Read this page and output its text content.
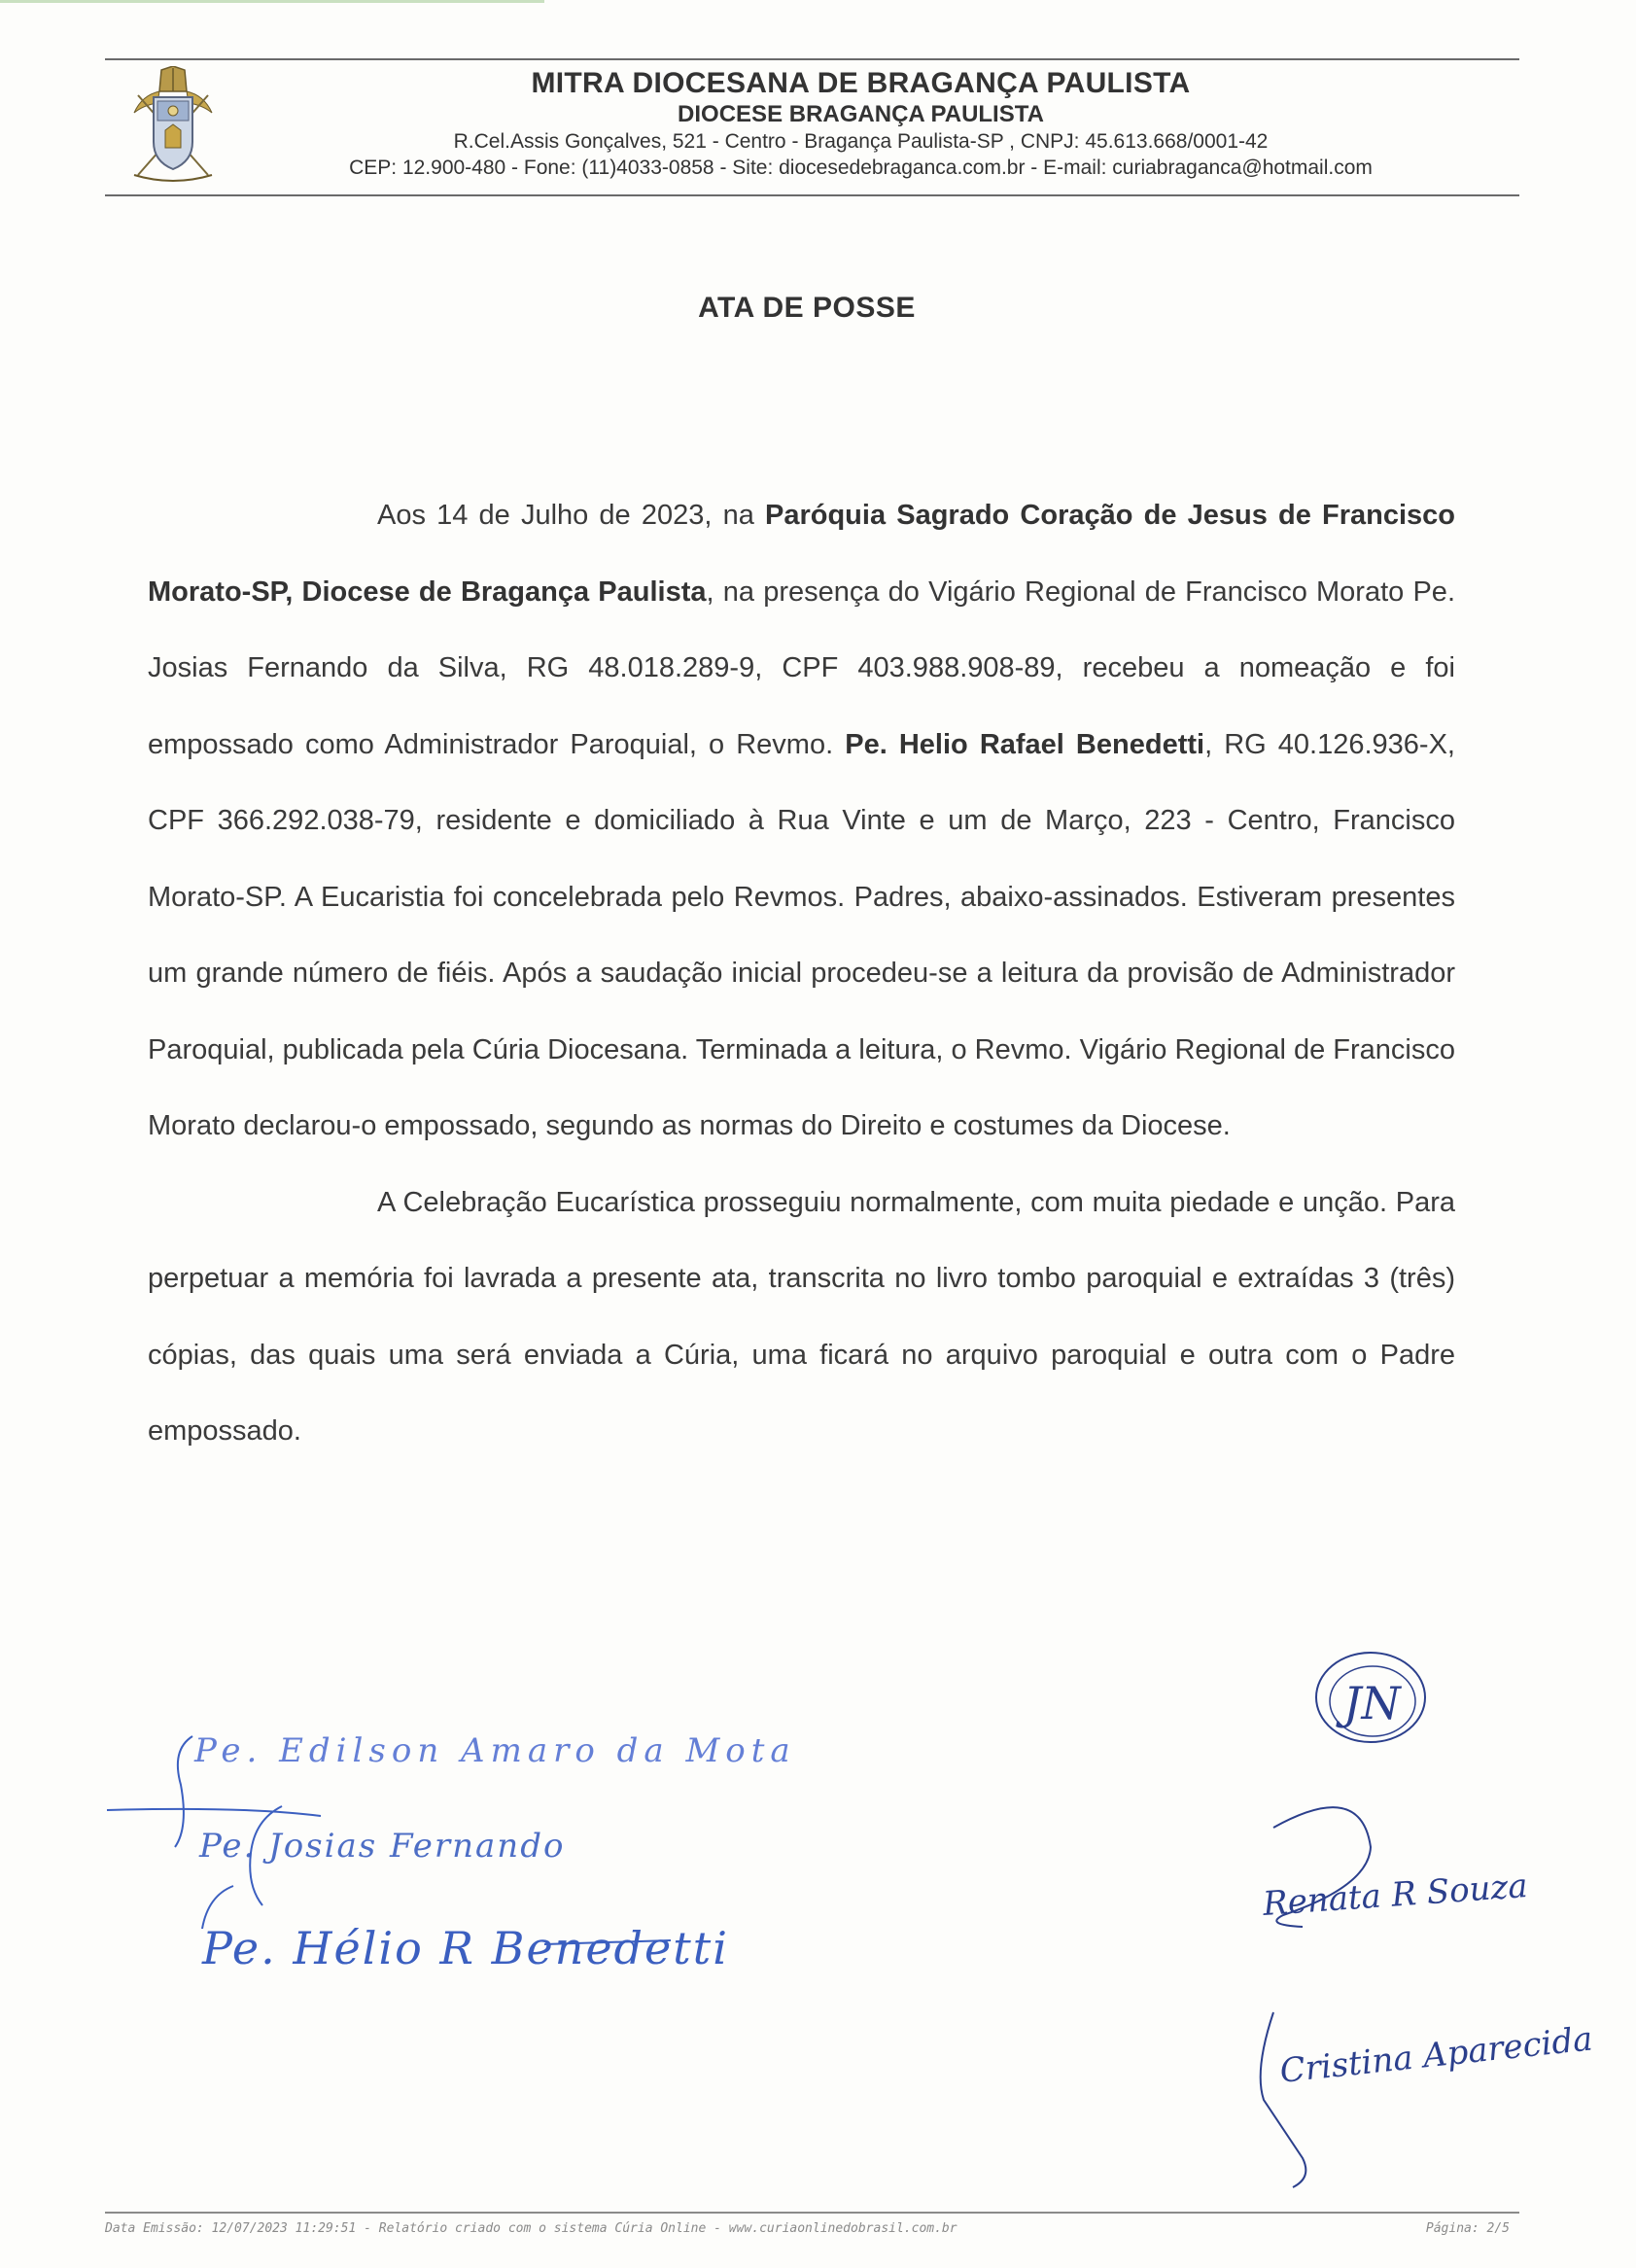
MITRA DIOCESANA DE BRAGANÇA PAULISTA
DIOCESE BRAGANÇA PAULISTA
R.Cel.Assis Gonçalves, 521 - Centro - Bragança Paulista-SP , CNPJ: 45.613.668/0001-42
CEP: 12.900-480 - Fone: (11)4033-0858 - Site: diocesedebraganca.com.br - E-mail: curiabraganca@hotmail.com
ATA DE POSSE

Aos 14 de Julho de 2023, na Paróquia Sagrado Coração de Jesus de Francisco Morato-SP, Diocese de Bragança Paulista, na presença do Vigário Regional de Francisco Morato Pe. Josias Fernando da Silva, RG 48.018.289-9, CPF 403.988.908-89, recebeu a nomeação e foi empossado como Administrador Paroquial, o Revmo. Pe. Helio Rafael Benedetti, RG 40.126.936-X, CPF 366.292.038-79, residente e domiciliado à Rua Vinte e um de Março, 223 - Centro, Francisco Morato-SP. A Eucaristia foi concelebrada pelo Revmos. Padres, abaixo-assinados. Estiveram presentes um grande número de fiéis. Após a saudação inicial procedeu-se a leitura da provisão de Administrador Paroquial, publicada pela Cúria Diocesana. Terminada a leitura, o Revmo. Vigário Regional de Francisco Morato declarou-o empossado, segundo as normas do Direito e costumes da Diocese.

A Celebração Eucarística prosseguiu normalmente, com muita piedade e unção. Para perpetuar a memória foi lavrada a presente ata, transcrita no livro tombo paroquial e extraídas 3 (três) cópias, das quais uma será enviada a Cúria, uma ficará no arquivo paroquial e outra com o Padre empossado.

Pe. Edilson Amaro da Mota
Pe. Josias Fernando
Pe. Hélio R Benedetti
JN
Renata R Souza
Cristina Aparecida
Data Emissão: 12/07/2023 11:29:51 - Relatório criado com o sistema Cúria Online - www.curiaonlinedobrasil.com.br	Página: 2/5
